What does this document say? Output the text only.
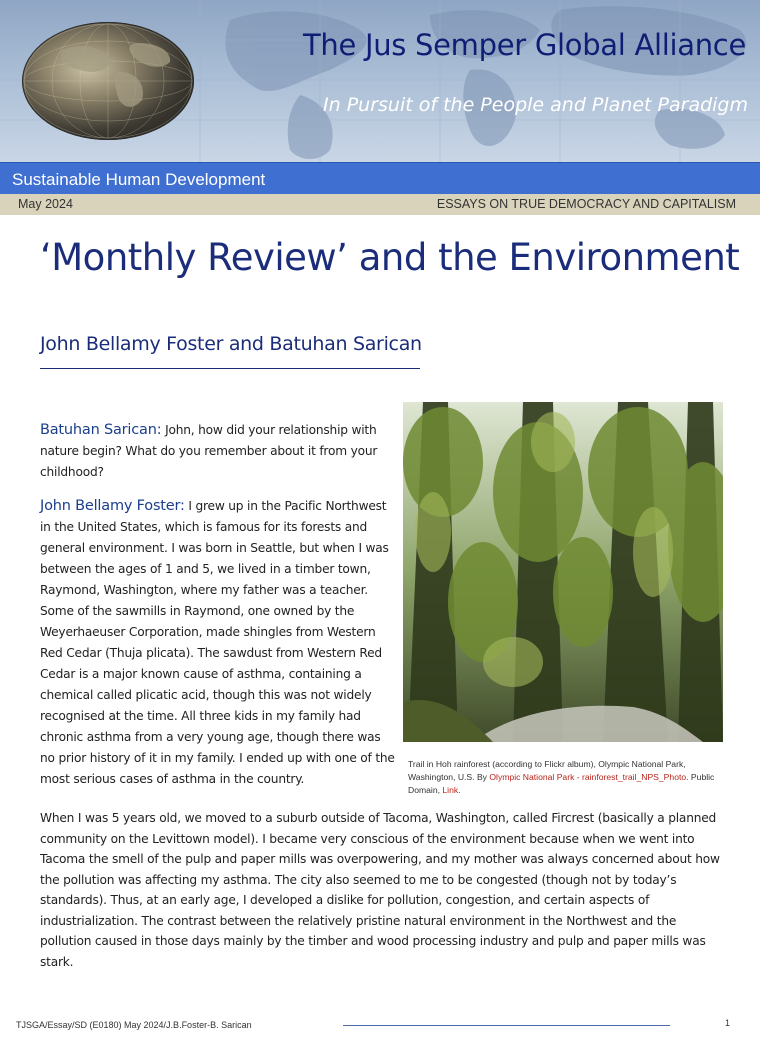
The Jus Semper Global Alliance
In Pursuit of the People and Planet Paradigm
Sustainable Human Development
May 2024	ESSAYS ON TRUE DEMOCRACY AND CAPITALISM
‘Monthly Review’ and the Environment
John Bellamy Foster and Batuhan Sarican

Batuhan Sarican: John, how did your relationship with nature begin? What do you remember about it from your childhood?

John Bellamy Foster: I grew up in the Pacific Northwest in the United States, which is famous for its forests and general environment. I was born in Seattle, but when I was between the ages of 1 and 5, we lived in a timber town, Raymond, Washington, where my father was a teacher. Some of the sawmills in Raymond, one owned by the Weyerhaeuser Corporation, made shingles from Western Red Cedar (Thuja plicata). The sawdust from Western Red Cedar is a major known cause of asthma, containing a chemical called plicatic acid, though this was not widely recognised at the time. All three kids in my family had chronic asthma from a very young age, though there was no prior history of it in my family. I ended up with one of the most serious cases of asthma in the country.

Trail in Hoh rainforest (according to Flickr album), Olympic National Park, Washington, U.S. By Olympic National Park - rainforest_trail_NPS_Photo. Public Domain, Link.
When I was 5 years old, we moved to a suburb outside of Tacoma, Washington, called Fircrest (basically a planned community on the Levittown model). I became very conscious of the environment because when we went into Tacoma the smell of the pulp and paper mills was overpowering, and my mother was always concerned about how the pollution was affecting my asthma. The city also seemed to me to be congested (though not by today’s standards). Thus, at an early age, I developed a dislike for pollution, congestion, and certain aspects of industrialization. The contrast between the relatively pristine natural environment in the Northwest and the pollution caused in those days mainly by the timber and wood processing industry and pulp and paper mills was stark.
TJSGA/Essay/SD (E0180) May 2024/J.B.Foster-B. Sarican	1
